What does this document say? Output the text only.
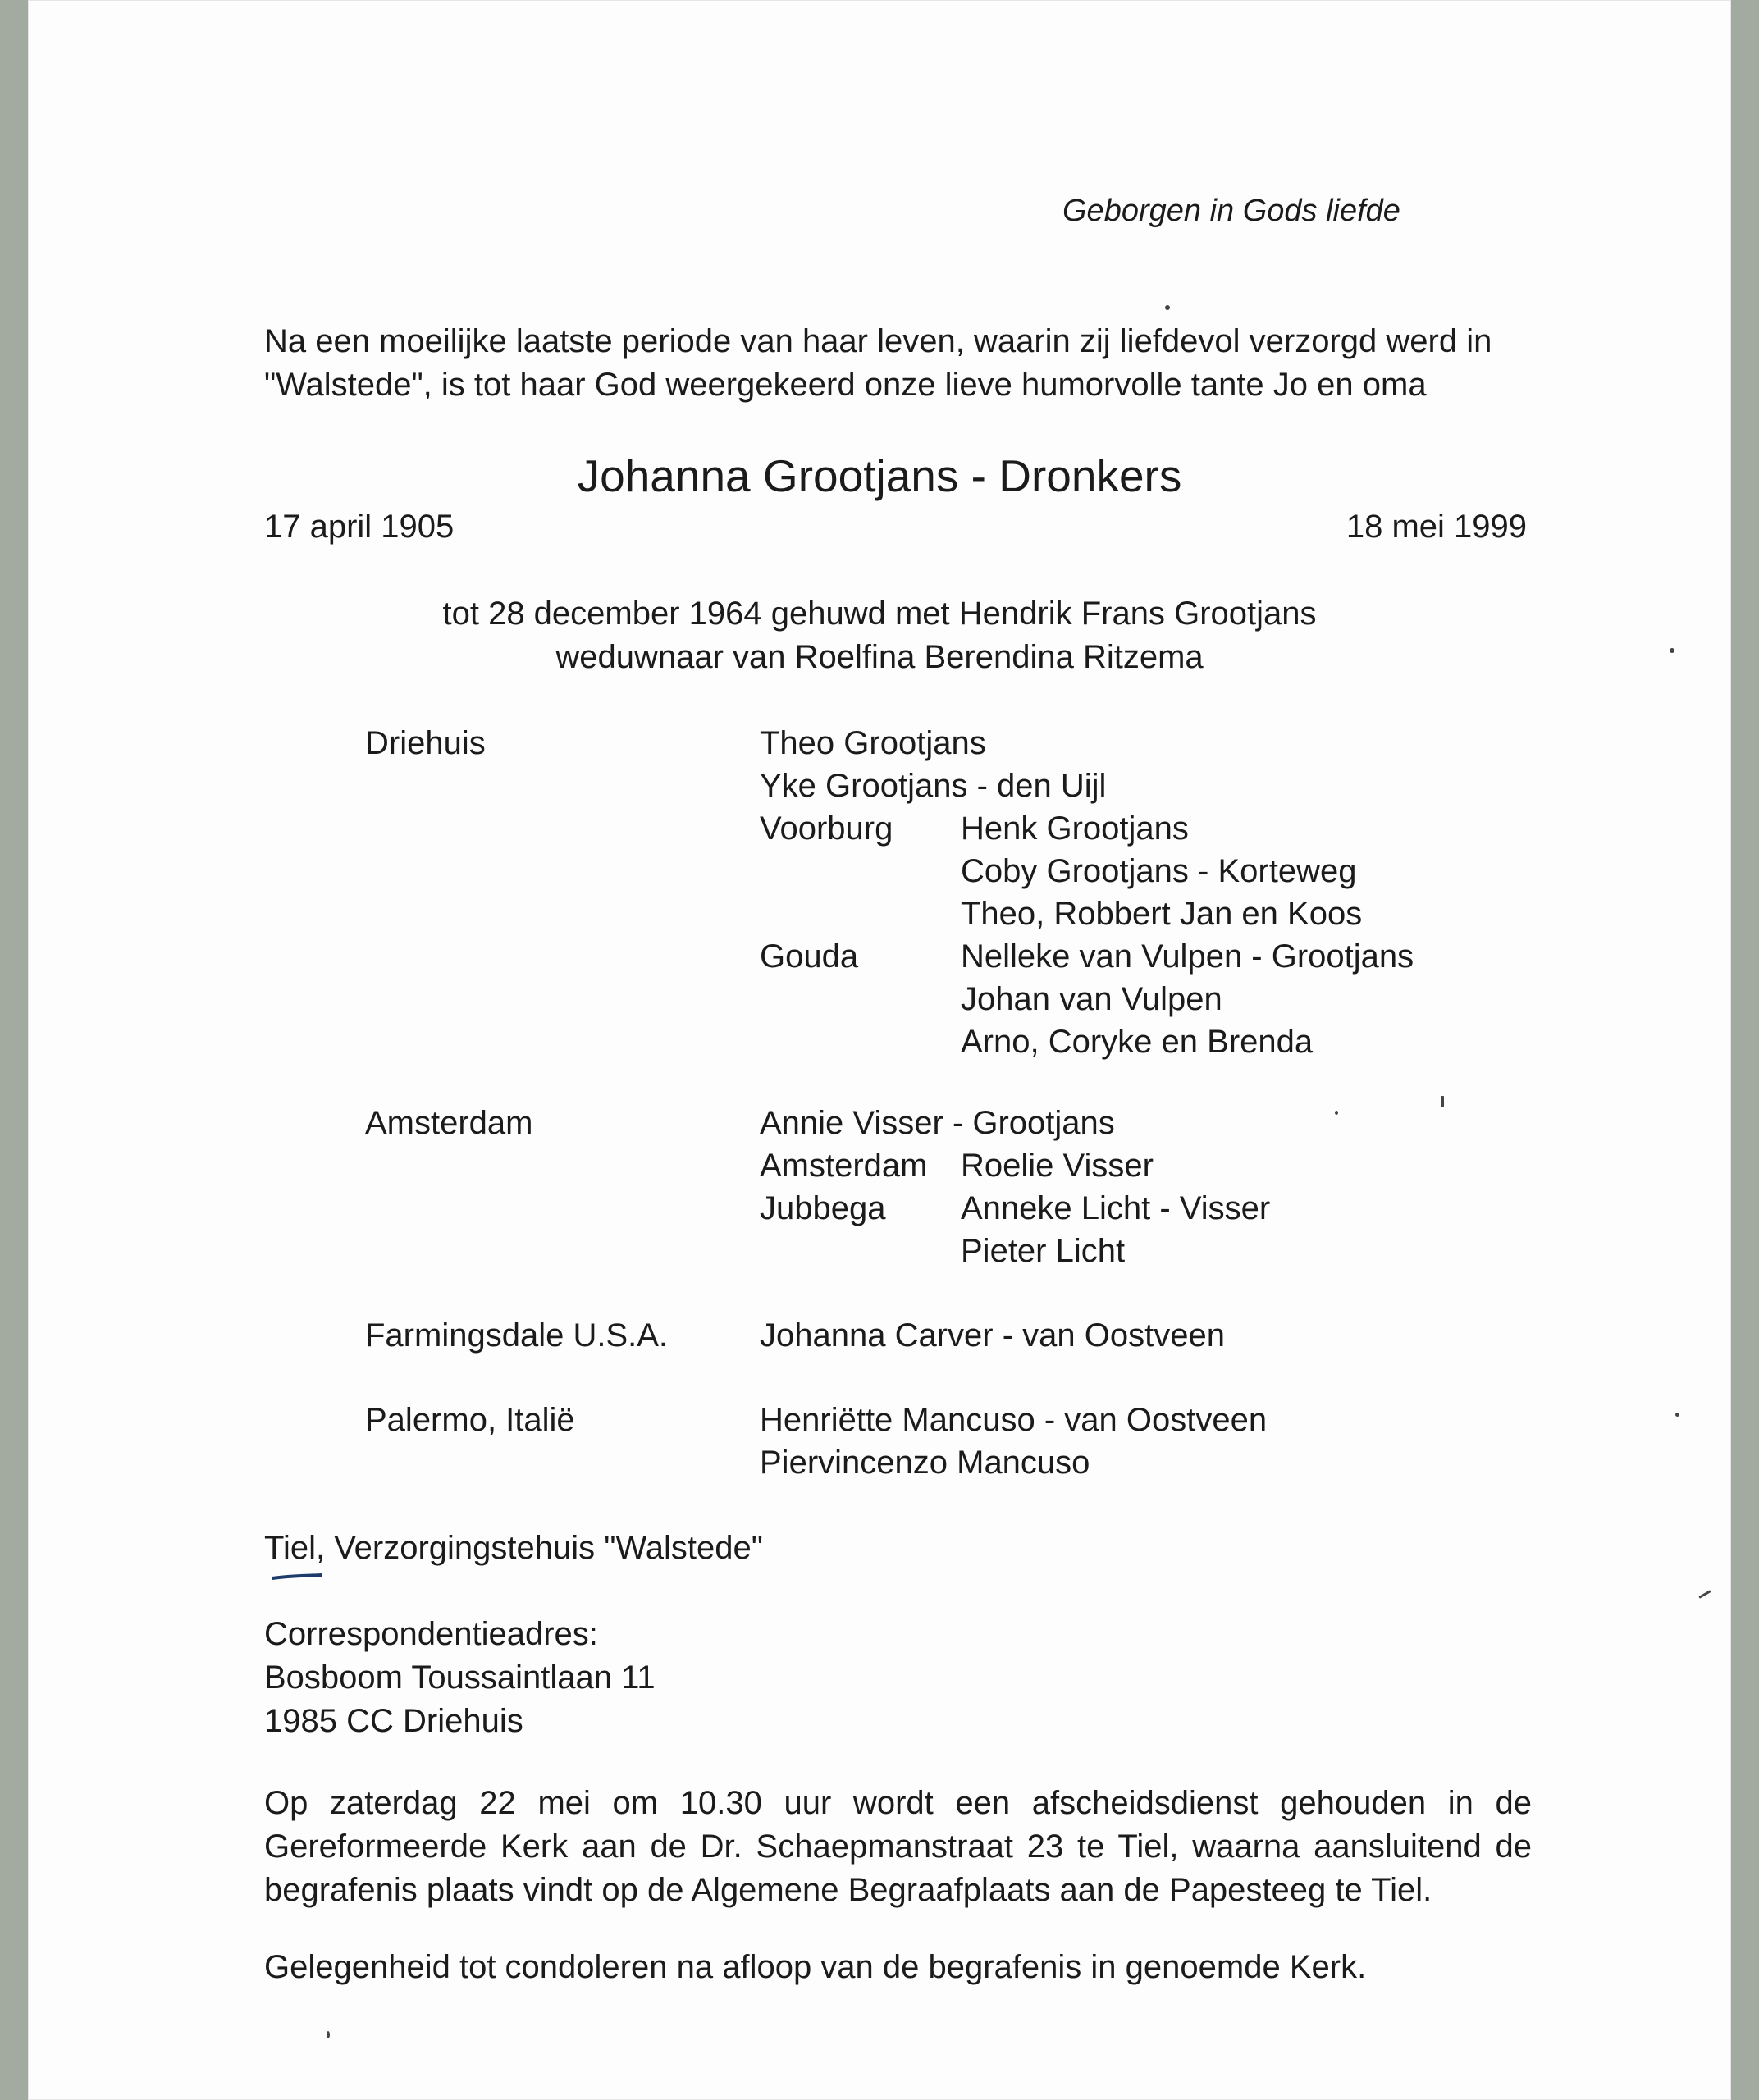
Geborgen in Gods liefde
Na een moeilijke laatste periode van haar leven, waarin zij liefdevol verzorgd werd in
"Walstede", is tot haar God weergekeerd onze lieve humorvolle tante Jo en oma
Johanna Grootjans - Dronkers
17 april 1905	18 mei 1999
tot 28 december 1964 gehuwd met Hendrik Frans Grootjans
weduwnaar van Roelfina Berendina Ritzema
Driehuis	Theo Grootjans
Yke Grootjans - den Uijl
Voorburg Henk Grootjans
Coby Grootjans - Korteweg
Theo, Robbert Jan en Koos
Gouda	Nelleke van Vulpen - Grootjans
Johan van Vulpen
Arno, Coryke en Brenda
Amsterdam	Annie Visser - Grootjans
Amsterdam Roelie Visser
Jubbega Anneke Licht - Visser
Pieter Licht
Farmingsdale U.S.A.	Johanna Carver - van Oostveen
Palermo, Italië	Henriëtte Mancuso - van Oostveen
Piervincenzo Mancuso
Tiel, Verzorgingstehuis "Walstede"
Correspondentieadres:
Bosboom Toussaintlaan 11
1985 CC Driehuis
Op zaterdag 22 mei om 10.30 uur wordt een afscheidsdienst gehouden in de
Gereformeerde Kerk aan de Dr. Schaepmanstraat 23 te Tiel, waarna aansluitend de
begrafenis plaats vindt op de Algemene Begraafplaats aan de Papesteeg te Tiel.
Gelegenheid tot condoleren na afloop van de begrafenis in genoemde Kerk.
